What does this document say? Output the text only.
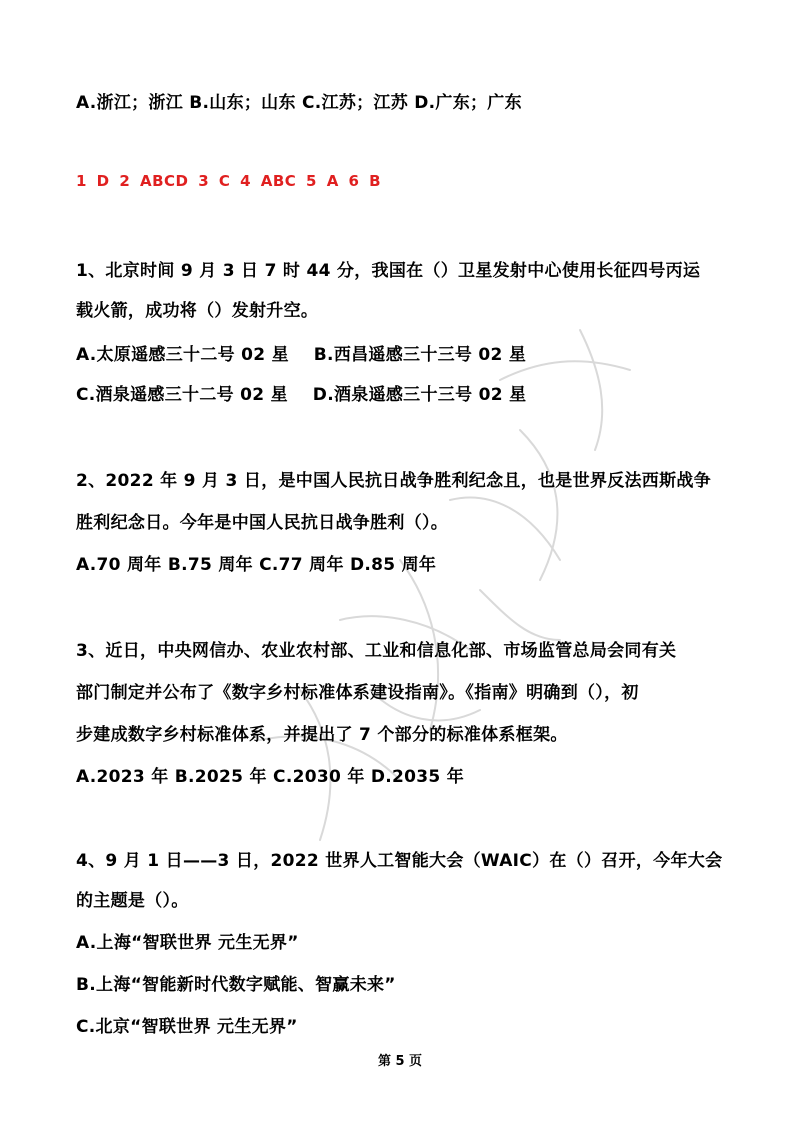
A.浙江；浙江 B.山东；山东 C.江苏；江苏 D.广东；广东
1 D 2 ABCD 3 C 4 ABC 5 A 6 B
1、北京时间 9 月 3 日 7 时 44 分，我国在（）卫星发射中心使用长征四号丙运
载火箭，成功将（）发射升空。
A.太原遥感三十二号 02 星    B.西昌遥感三十三号 02 星
C.酒泉遥感三十二号 02 星    D.酒泉遥感三十三号 02 星
2、2022 年 9 月 3 日，是中国人民抗日战争胜利纪念且，也是世界反法西斯战争
胜利纪念日。今年是中国人民抗日战争胜利（）。
A.70 周年 B.75 周年 C.77 周年 D.85 周年
3、近日，中央网信办、农业农村部、工业和信息化部、市场监管总局会同有关
部门制定并公布了《数字乡村标准体系建设指南》。《指南》明确到（），初
步建成数字乡村标准体系，并提出了 7 个部分的标准体系框架。
A.2023 年 B.2025 年 C.2030 年 D.2035 年
4、9 月 1 日——3 日，2022 世界人工智能大会（WAIC）在（）召开，今年大会
的主题是（）。
A.上海“智联世界 元生无界”
B.上海“智能新时代数字赋能、智赢未来”
C.北京“智联世界 元生无界”
第 5 页
